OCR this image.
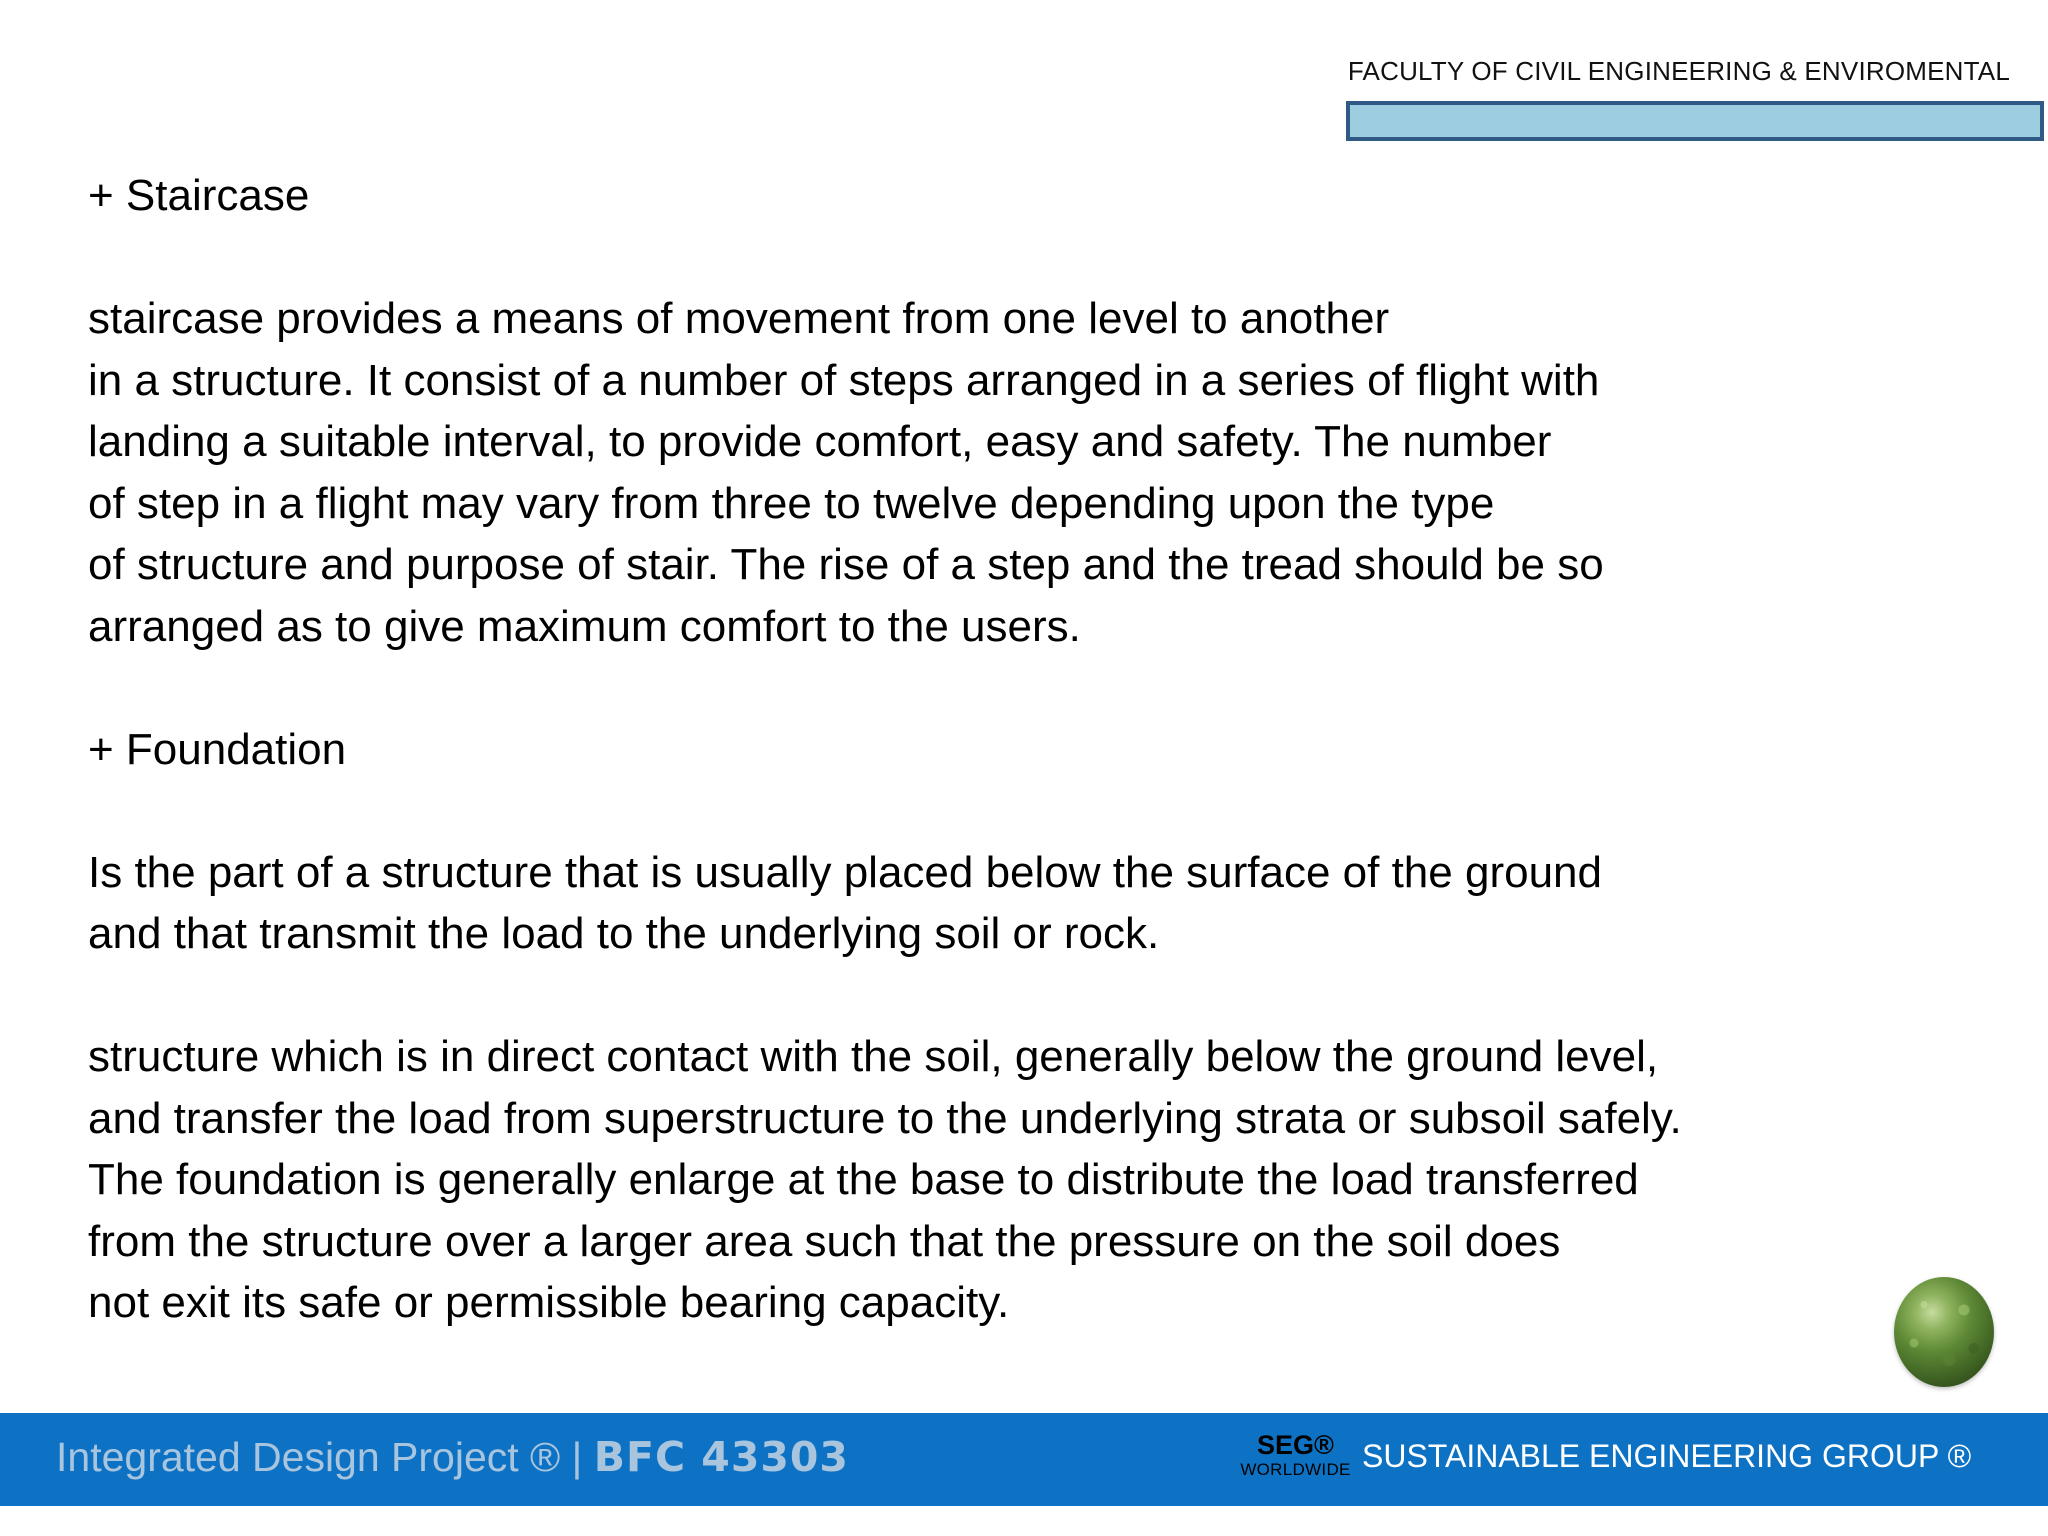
FACULTY OF CIVIL ENGINEERING & ENVIROMENTAL
+ Staircase
staircase provides a means of movement from one level to another
in a structure. It consist of a number of steps arranged in a series of flight with
landing a suitable interval, to provide comfort, easy and safety. The number
of step in a flight may vary from three to twelve depending upon the type
of structure and purpose of stair. The rise of a step and the tread should be so
arranged as to give maximum comfort to the users.
+ Foundation
Is the part of a structure that is usually placed below the surface of the ground
and that transmit the load to the underlying soil or rock.
structure which is in direct contact with the soil, generally below the ground level,
and transfer the load from superstructure to the underlying strata or subsoil safely.
The foundation is generally enlarge at the base to distribute the load transferred
from the structure over a larger area such that the pressure on the soil does
not exit its safe or permissible bearing capacity.
Integrated Design Project ® | BFC 43303	SEG®
WORLDWIDE SUSTAINABLE ENGINEERING GROUP ®
